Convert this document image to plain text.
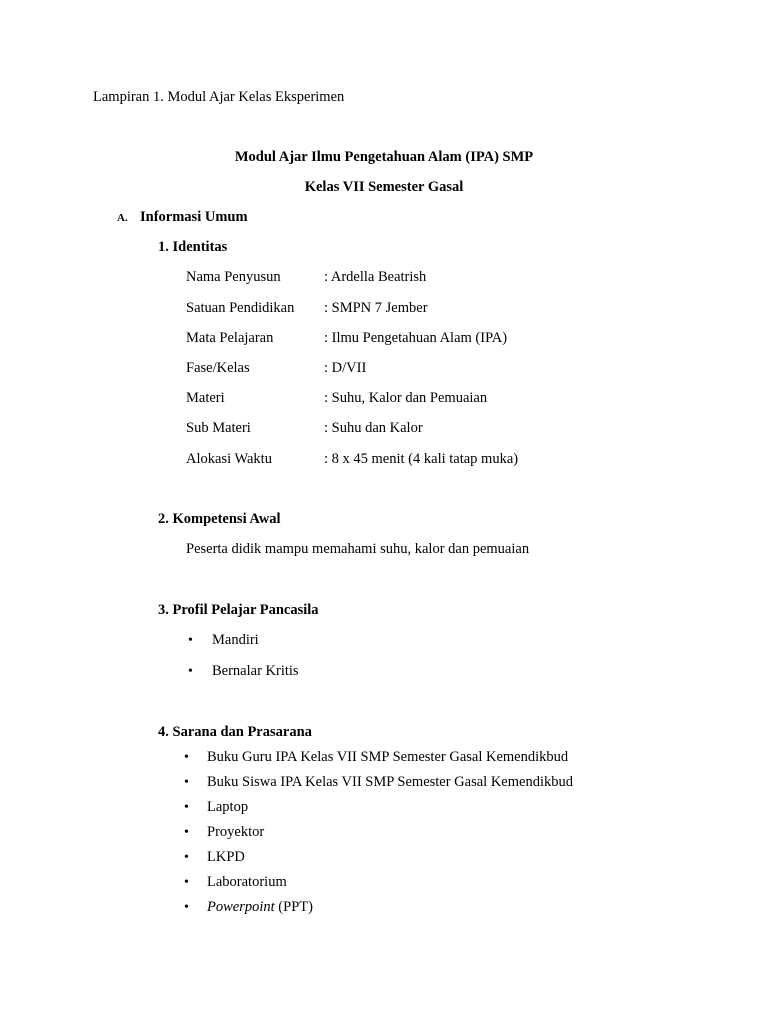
Lampiran 1. Modul Ajar Kelas Eksperimen
Modul Ajar Ilmu Pengetahuan Alam (IPA) SMP
Kelas VII Semester Gasal
A. Informasi Umum
1. Identitas
Nama Penyusun	: Ardella Beatrish
Satuan Pendidikan : SMPN 7 Jember
Mata Pelajaran	: Ilmu Pengetahuan Alam (IPA)
Fase/Kelas	: D/VII
Materi	: Suhu, Kalor dan Pemuaian
Sub Materi	: Suhu dan Kalor
Alokasi Waktu	: 8 x 45 menit (4 kali tatap muka)
2. Kompetensi Awal
Peserta didik mampu memahami suhu, kalor dan pemuaian
3. Profil Pelajar Pancasila
• Mandiri
• Bernalar Kritis
4. Sarana dan Prasarana
• Buku Guru IPA Kelas VII SMP Semester Gasal Kemendikbud
• Buku Siswa IPA Kelas VII SMP Semester Gasal Kemendikbud
• Laptop
• Proyektor
• LKPD
• Laboratorium
• Powerpoint (PPT)
